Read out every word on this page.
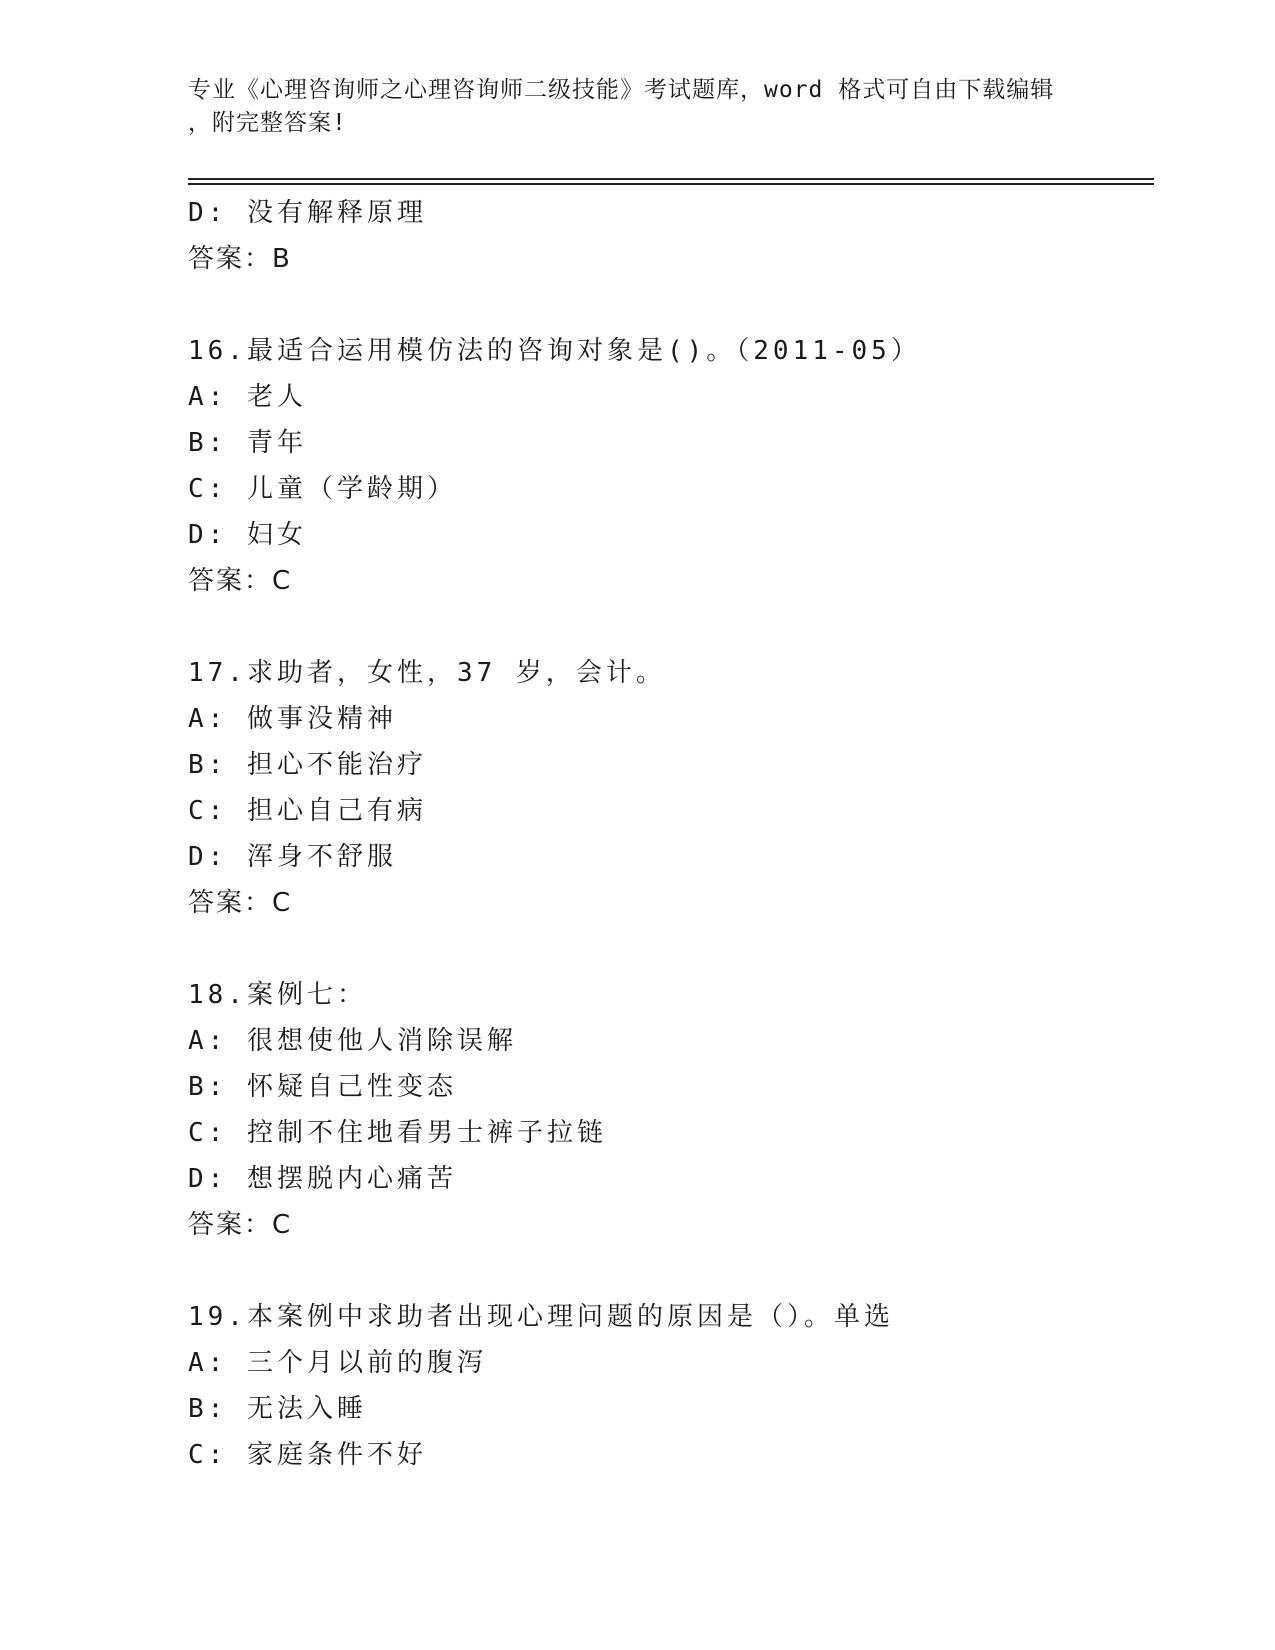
专业《心理咨询师之心理咨询师二级技能》考试题库，word 格式可自由下载编辑
，附完整答案!
D: 没有解释原理
答案：B
16.最适合运用模仿法的咨询对象是()。（2011-05）
A: 老人
B: 青年
C: 儿童（学龄期）
D: 妇女
答案：C
17.求助者，女性，37 岁，会计。
A: 做事没精神
B: 担心不能治疗
C: 担心自己有病
D: 浑身不舒服
答案：C
18.案例七：
A: 很想使他人消除误解
B: 怀疑自己性变态
C: 控制不住地看男士裤子拉链
D: 想摆脱内心痛苦
答案：C
19.本案例中求助者出现心理问题的原因是（）。单选
A: 三个月以前的腹泻
B: 无法入睡
C: 家庭条件不好
